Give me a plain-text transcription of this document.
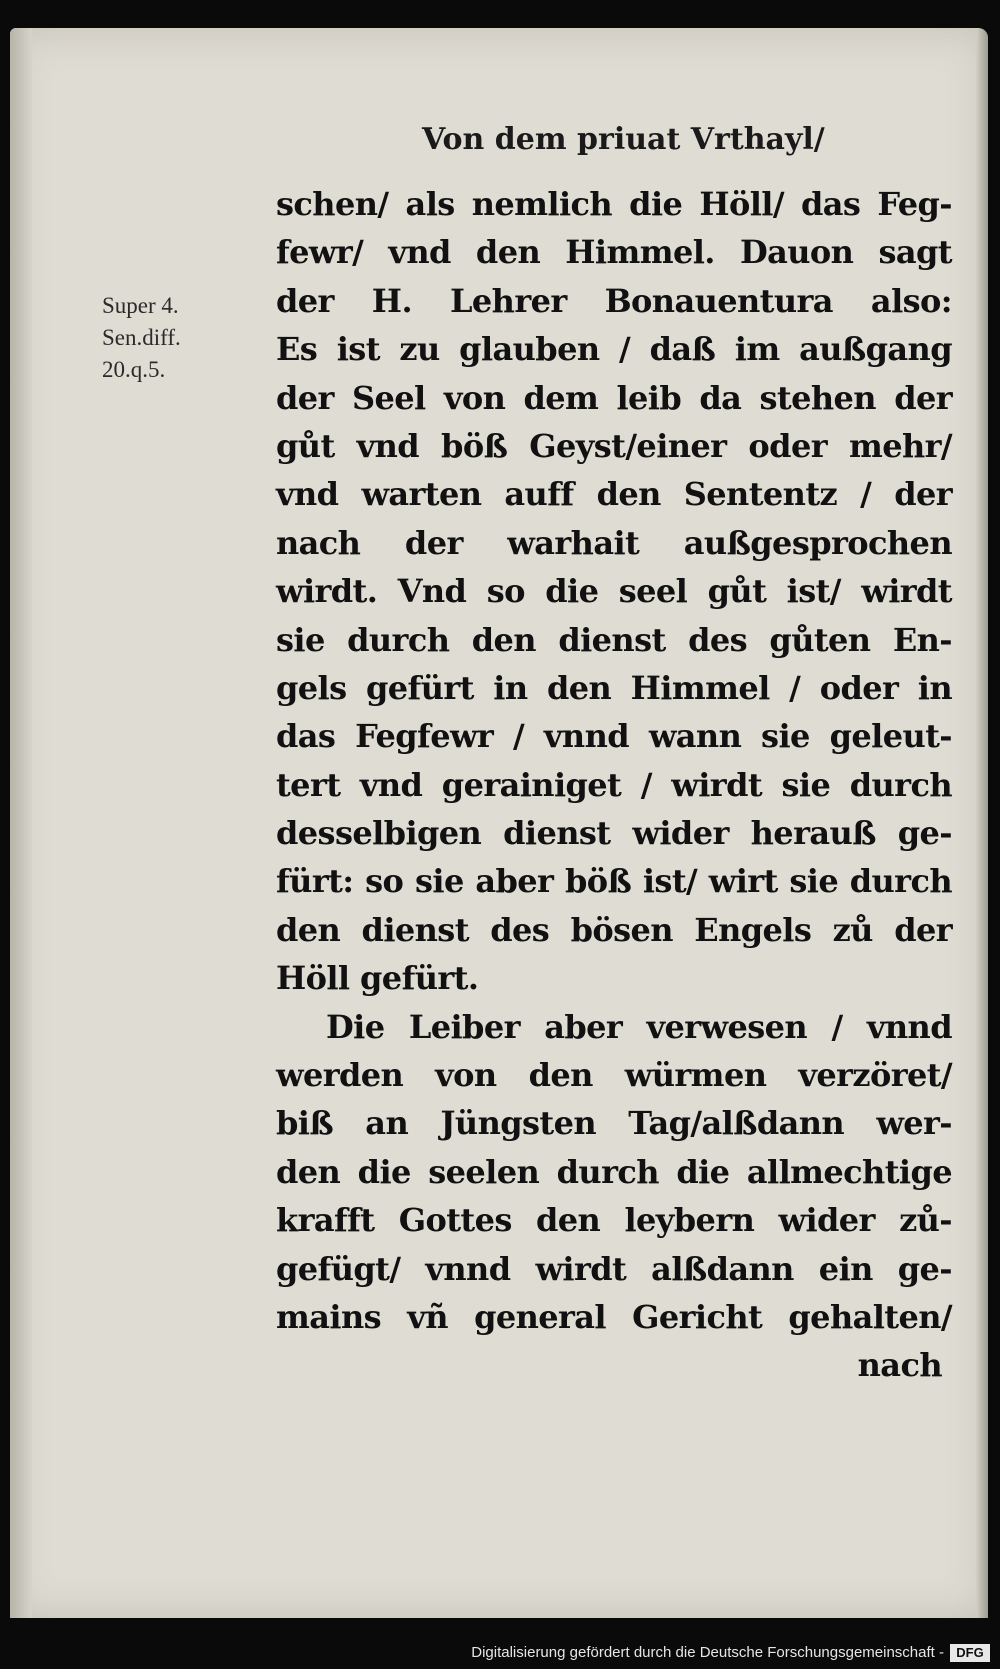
Von dem priuat Vrthayl/
Super 4.
Sen.diff.
20.q.5.
schen/ als nemlich die Höll/ das Feg-
fewr/ vnd den Himmel. Dauon sagt
der H. Lehrer Bonauentura also:
Es ist zu glauben / daß im außgang
der Seel von dem leib da stehen der
gůt vnd böß Geyst/einer oder mehr/
vnd warten auff den Sententz / der
nach der warhait außgesprochen
wirdt. Vnd so die seel gůt ist/ wirdt
sie durch den dienst des gůten En-
gels gefürt in den Himmel / oder in
das Fegfewr / vnnd wann sie geleut-
tert vnd gerainiget / wirdt sie durch
desselbigen dienst wider herauß ge-
fürt: so sie aber böß ist/ wirt sie durch
den dienst des bösen Engels zů der
Höll gefürt.
Die Leiber aber verwesen / vnnd
werden von den würmen verzöret/
biß an Jüngsten Tag/alßdann wer-
den die seelen durch die allmechtige
krafft Gottes den leybern wider zů-
gefügt/ vnnd wirdt alßdann ein ge-
mains vñ general Gericht gehalten/
nach
Digitalisierung gefördert durch die Deutsche Forschungsgemeinschaft - DFG
